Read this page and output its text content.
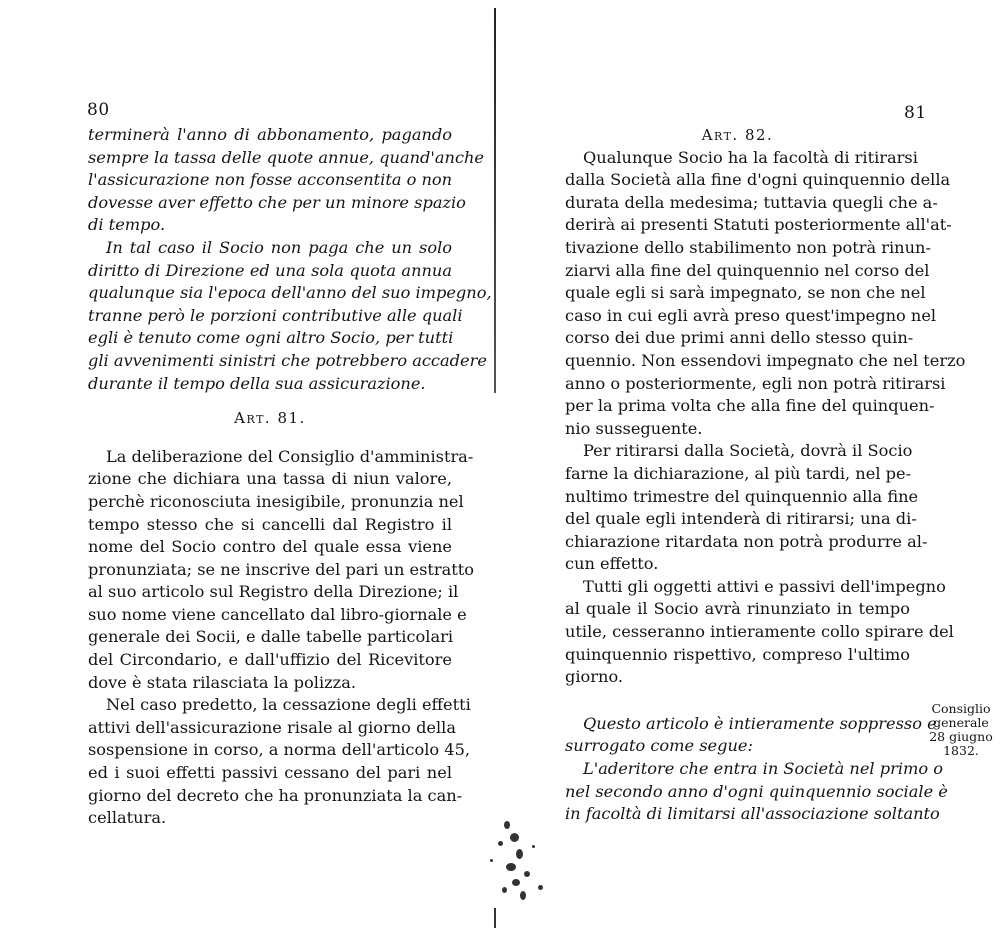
80
terminerà l'anno di abbonamento, pagando
sempre la tassa delle quote annue, quand'anche
l'assicurazione non fosse acconsentita o non
dovesse aver effetto che per un minore spazio
di tempo.
In tal caso il Socio non paga che un solo
diritto di Direzione ed una sola quota annua
qualunque sia l'epoca dell'anno del suo impegno,
tranne però le porzioni contributive alle quali
egli è tenuto come ogni altro Socio, per tutti
gli avvenimenti sinistri che potrebbero accadere
durante il tempo della sua assicurazione.
Art. 81.
La deliberazione del Consiglio d'amministra-
zione che dichiara una tassa di niun valore,
perchè riconosciuta inesigibile, pronunzia nel
tempo stesso che si cancelli dal Registro il
nome del Socio contro del quale essa viene
pronunziata; se ne inscrive del pari un estratto
al suo articolo sul Registro della Direzione; il
suo nome viene cancellato dal libro-giornale e
generale dei Socii, e dalle tabelle particolari
del Circondario, e dall'uffizio del Ricevitore
dove è stata rilasciata la polizza.
Nel caso predetto, la cessazione degli effetti
attivi dell'assicurazione risale al giorno della
sospensione in corso, a norma dell'articolo 45,
ed i suoi effetti passivi cessano del pari nel
giorno del decreto che ha pronunziata la can-
cellatura.
81
Art. 82.
Qualunque Socio ha la facoltà di ritirarsi
dalla Società alla fine d'ogni quinquennio della
durata della medesima; tuttavia quegli che a-
derirà ai presenti Statuti posteriormente all'at-
tivazione dello stabilimento non potrà rinun-
ziarvi alla fine del quinquennio nel corso del
quale egli si sarà impegnato, se non che nel
caso in cui egli avrà preso quest'impegno nel
corso dei due primi anni dello stesso quin-
quennio. Non essendovi impegnato che nel terzo
anno o posteriormente, egli non potrà ritirarsi
per la prima volta che alla fine del quinquen-
nio susseguente.
Per ritirarsi dalla Società, dovrà il Socio
farne la dichiarazione, al più tardi, nel pe-
nultimo trimestre del quinquennio alla fine
del quale egli intenderà di ritirarsi; una di-
chiarazione ritardata non potrà produrre al-
cun effetto.
Tutti gli oggetti attivi e passivi dell'impegno
al quale il Socio avrà rinunziato in tempo
utile, cesseranno intieramente collo spirare del
quinquennio rispettivo, compreso l'ultimo
giorno.
Questo articolo è intieramente soppresso e
surrogato come segue:
L'aderitore che entra in Società nel primo o
nel secondo anno d'ogni quinquennio sociale è
in facoltà di limitarsi all'associazione soltanto
Consiglio
generale
28 giugno
1832.
